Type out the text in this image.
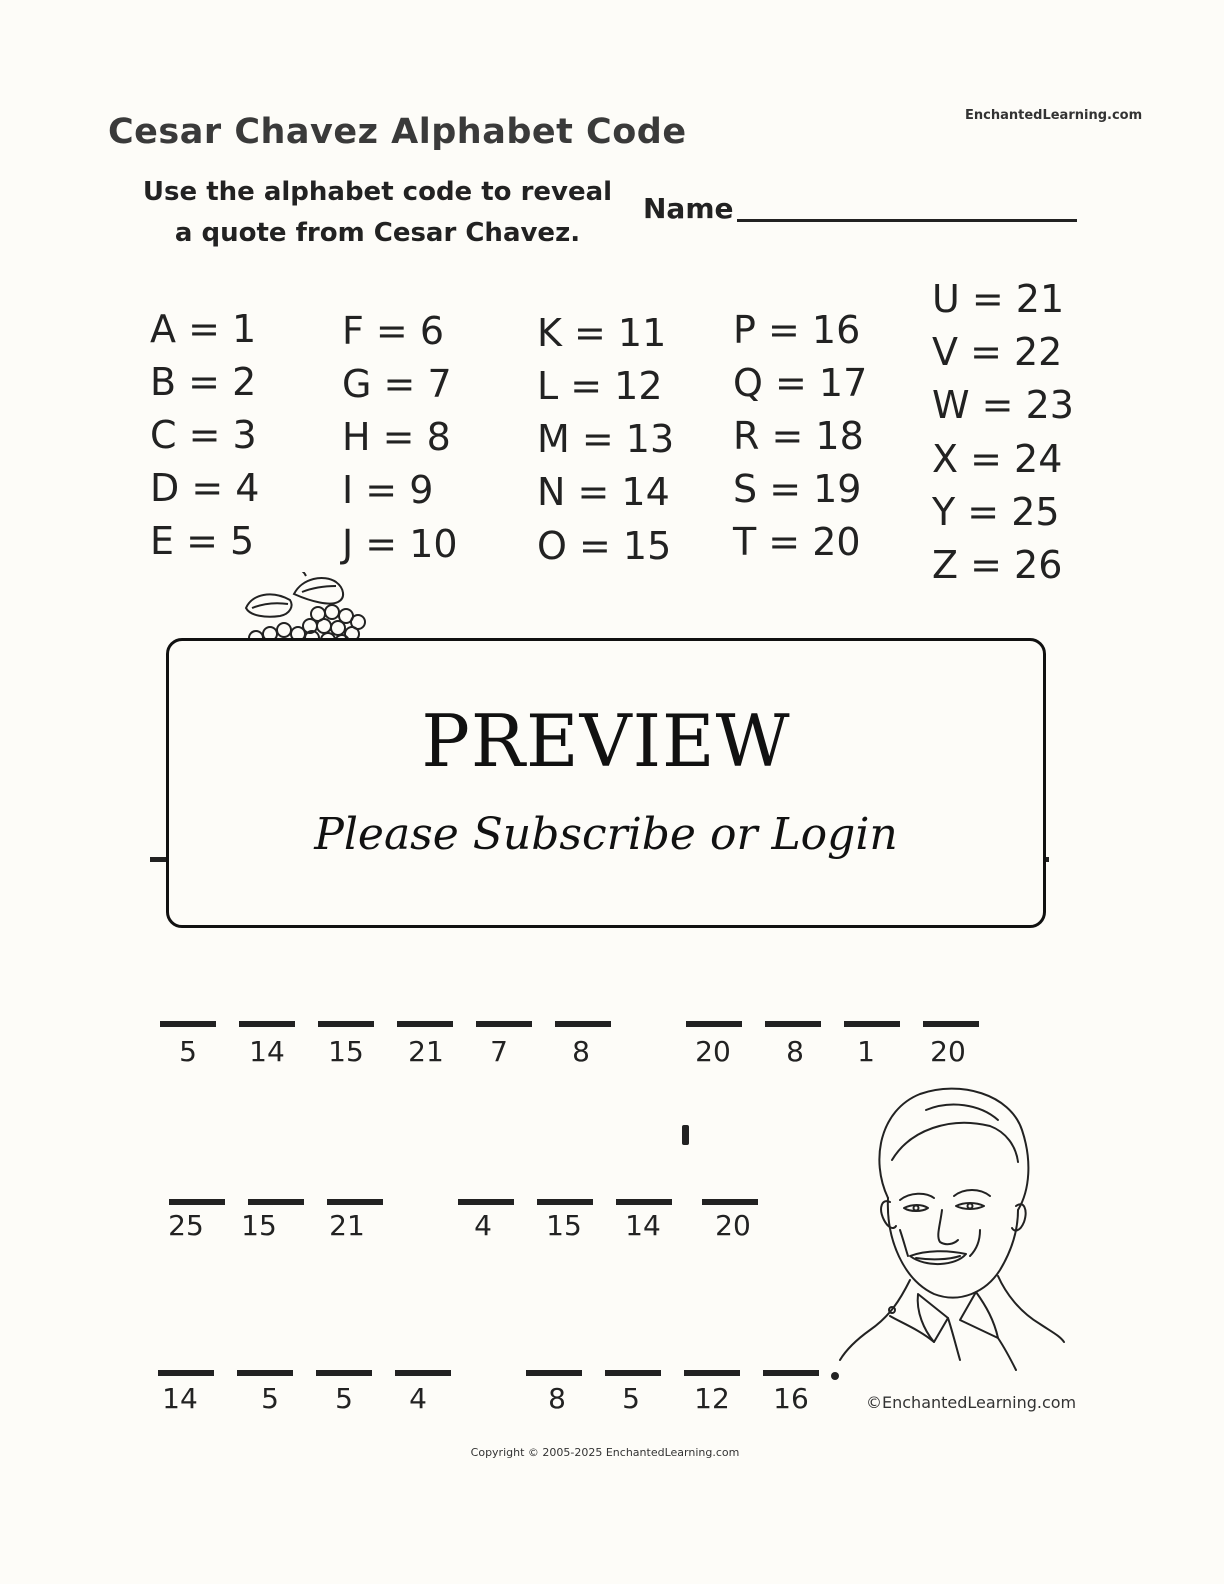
Cesar Chavez Alphabet Code	EnchantedLearning.com
Use the alphabet code to reveal
a quote from Cesar Chavez.
Name
A = 1
B = 2
C = 3
D = 4
E = 5
F = 6
G = 7
H = 8
I = 9
J = 10
K = 11
L = 12
M = 13
N = 14
O = 15
P = 16
Q = 17
R = 18
S = 19
T = 20
U = 21
V = 22
W = 23
X = 24
Y = 25
Z = 26
PREVIEW
Please Subscribe or Login
5	14	15	21	7	8	20	8	1	20
25	15	21	4	15	14	20
14	5	5	4	8	5	12	16	©EnchantedLearning.com
Copyright © 2005-2025 EnchantedLearning.com
